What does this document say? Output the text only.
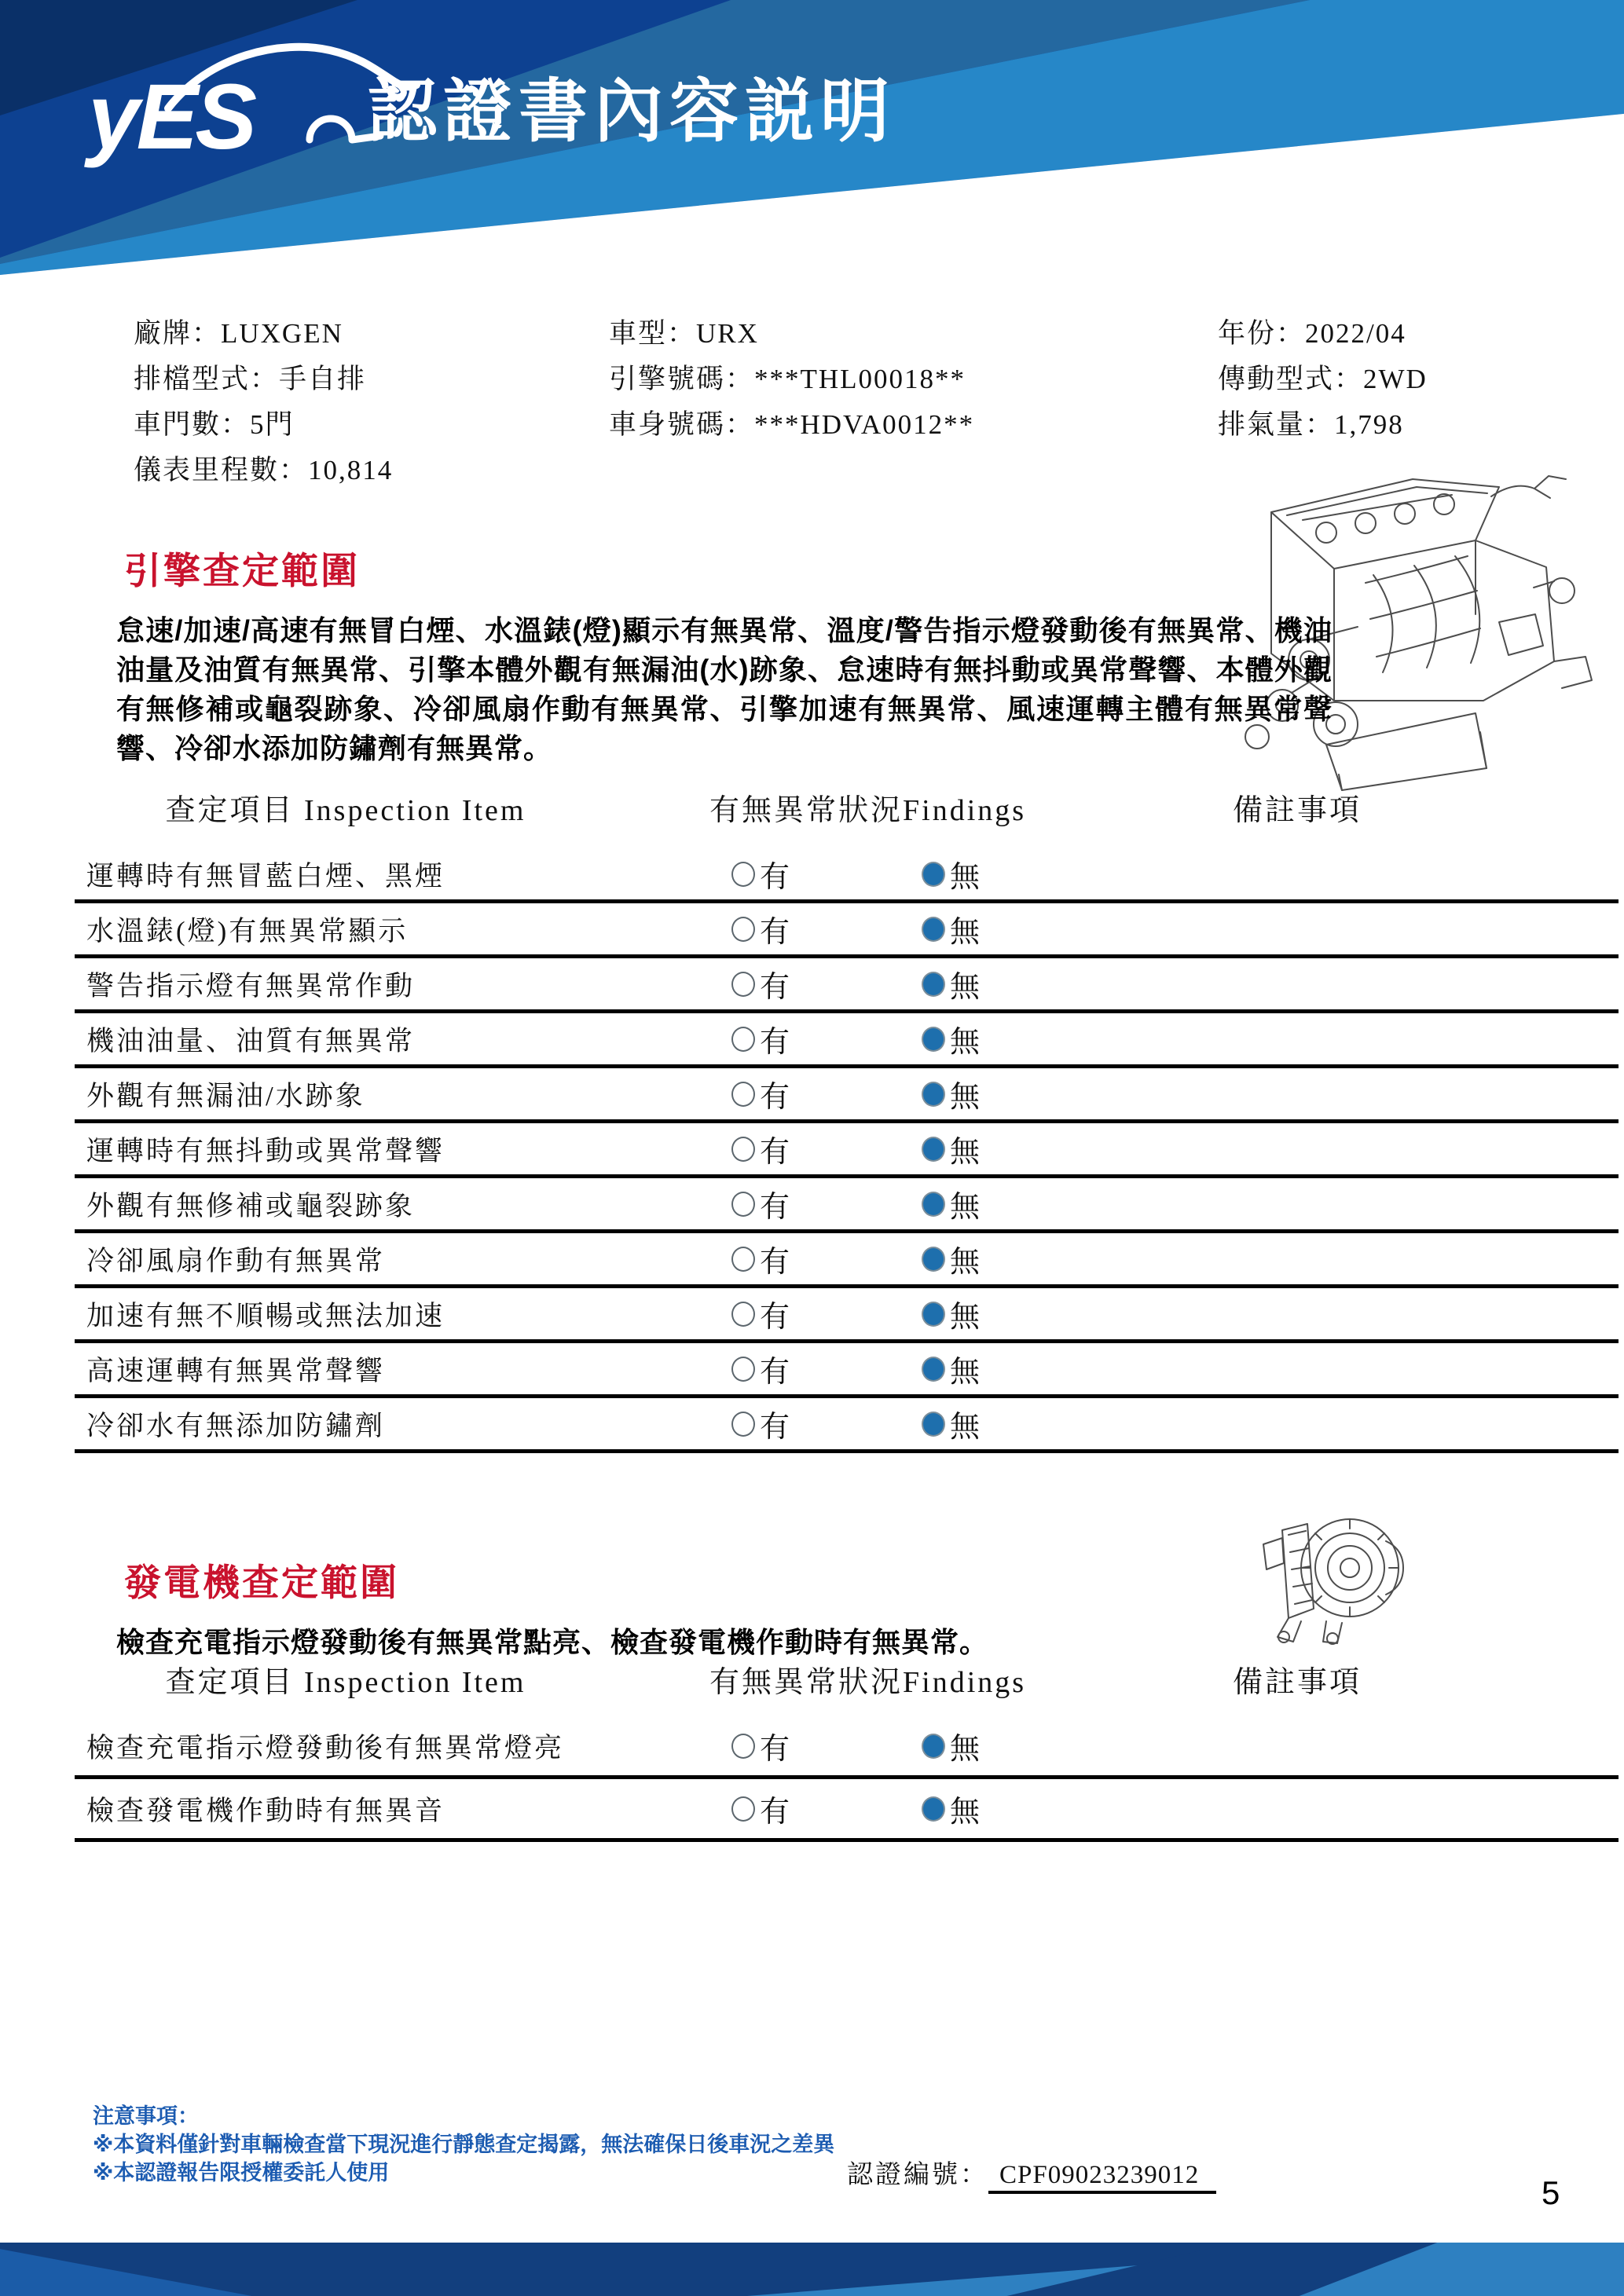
yES 認證書內容説明
廠牌：LUXGEN
排檔型式：手自排
車門數：5門
儀表里程數：10,814
車型：URX
引擎號碼：***THL00018**
車身號碼：***HDVA0012**
年份：2022/04
傳動型式：2WD
排氣量：1,798
引擎查定範圍
怠速/加速/高速有無冒白煙、水溫錶(燈)顯示有無異常、溫度/警告指示燈發動後有無異常、機油油量及油質有無異常、引擎本體外觀有無漏油(水)跡象、怠速時有無抖動或異常聲響、本體外觀有無修補或龜裂跡象、冷卻風扇作動有無異常、引擎加速有無異常、風速運轉主體有無異常聲響、冷卻水添加防鏽劑有無異常。
查定項目 Inspection Item	有無異常狀況Findings	備註事項
運轉時有無冒藍白煙、黑煙	有	無
水溫錶(燈)有無異常顯示	有	無
警告指示燈有無異常作動	有	無
機油油量、油質有無異常	有	無
外觀有無漏油/水跡象	有	無
運轉時有無抖動或異常聲響	有	無
外觀有無修補或龜裂跡象	有	無
冷卻風扇作動有無異常	有	無
加速有無不順暢或無法加速	有	無
高速運轉有無異常聲響	有	無
冷卻水有無添加防鏽劑	有	無
發電機查定範圍
檢查充電指示燈發動後有無異常點亮、檢查發電機作動時有無異常。
查定項目 Inspection Item	有無異常狀況Findings	備註事項
檢查充電指示燈發動後有無異常燈亮	有	無
檢查發電機作動時有無異音	有	無
注意事項：
※本資料僅針對車輛檢查當下現況進行靜態查定揭露，無法確保日後車況之差異
※本認證報告限授權委託人使用	認證編號： CPF09023239012	5
